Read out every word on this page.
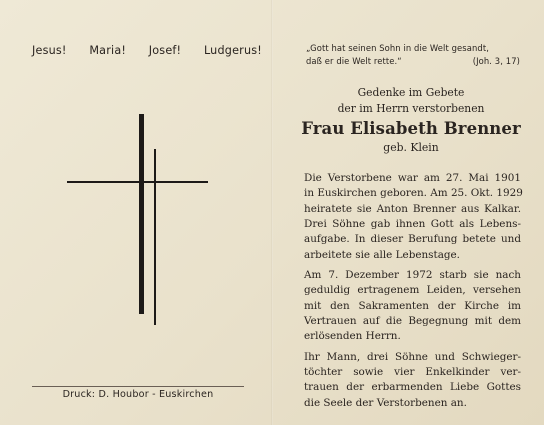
Jesus! Maria! Josef! Ludgerus!
Druck: D. Houbor - Euskirchen
„Gott hat seinen Sohn in die Welt gesandt,
daß er die Welt rette.“	(Joh. 3, 17)
Gedenke im Gebete
der im Herrn verstorbenen
Frau Elisabeth Brenner
geb. Klein
Die Verstorbene war am 27. Mai 1901
in Euskirchen geboren. Am 25. Okt. 1929
heiratete sie Anton Brenner aus Kalkar.
Drei Söhne gab ihnen Gott als Lebens-
aufgabe. In dieser Berufung betete und
arbeitete sie alle Lebenstage.
Am 7. Dezember 1972 starb sie nach
geduldig ertragenem Leiden, versehen
mit den Sakramenten der Kirche im
Vertrauen auf die Begegnung mit dem
erlösenden Herrn.
Ihr Mann, drei Söhne und Schwieger-
töchter sowie vier Enkelkinder ver-
trauen der erbarmenden Liebe Gottes
die Seele der Verstorbenen an.
